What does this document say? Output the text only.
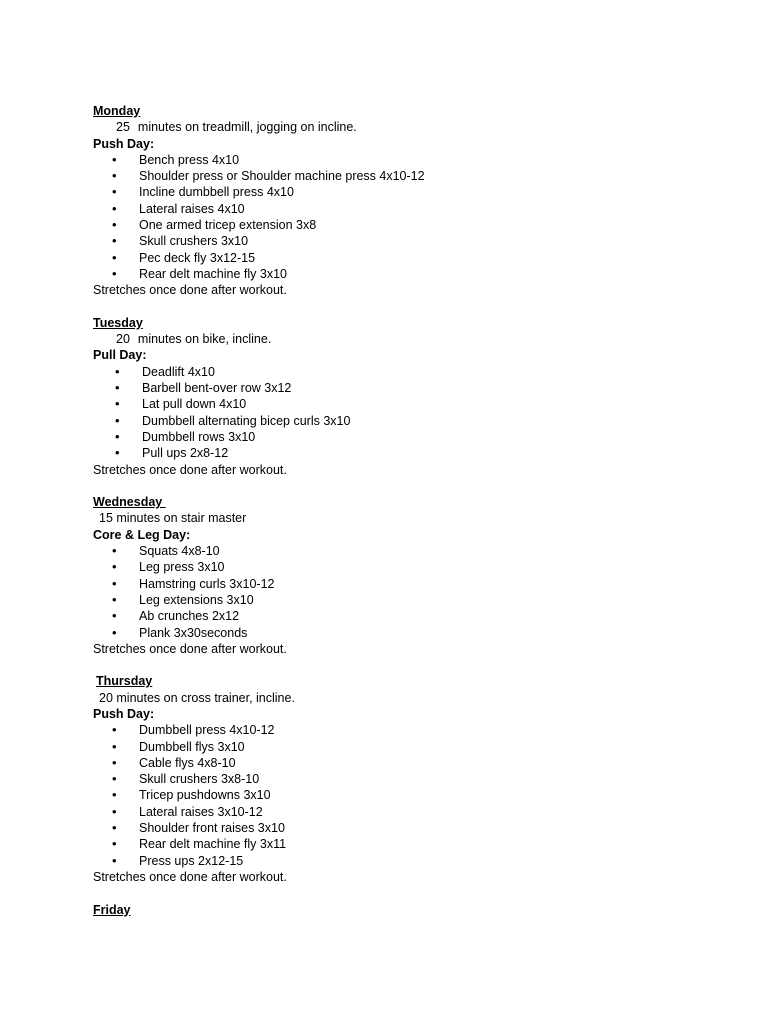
Monday
25 minutes on treadmill, jogging on incline.
Push Day:
• Bench press 4x10
• Shoulder press or Shoulder machine press 4x10-12
• Incline dumbbell press 4x10
• Lateral raises 4x10
• One armed tricep extension 3x8
• Skull crushers 3x10
• Pec deck fly 3x12-15
• Rear delt machine fly 3x10
Stretches once done after workout.
Tuesday
20 minutes on bike, incline.
Pull Day:
• Deadlift 4x10
• Barbell bent-over row 3x12
• Lat pull down 4x10
• Dumbbell alternating bicep curls 3x10
• Dumbbell rows 3x10
• Pull ups 2x8-12
Stretches once done after workout.
Wednesday
15 minutes on stair master
Core & Leg Day:
• Squats 4x8-10
• Leg press 3x10
• Hamstring curls 3x10-12
• Leg extensions 3x10
• Ab crunches 2x12
• Plank 3x30seconds
Stretches once done after workout.
Thursday
20 minutes on cross trainer, incline.
Push Day:
• Dumbbell press 4x10-12
• Dumbbell flys 3x10
• Cable flys 4x8-10
• Skull crushers 3x8-10
• Tricep pushdowns 3x10
• Lateral raises 3x10-12
• Shoulder front raises 3x10
• Rear delt machine fly 3x11
• Press ups 2x12-15
Stretches once done after workout.
Friday
